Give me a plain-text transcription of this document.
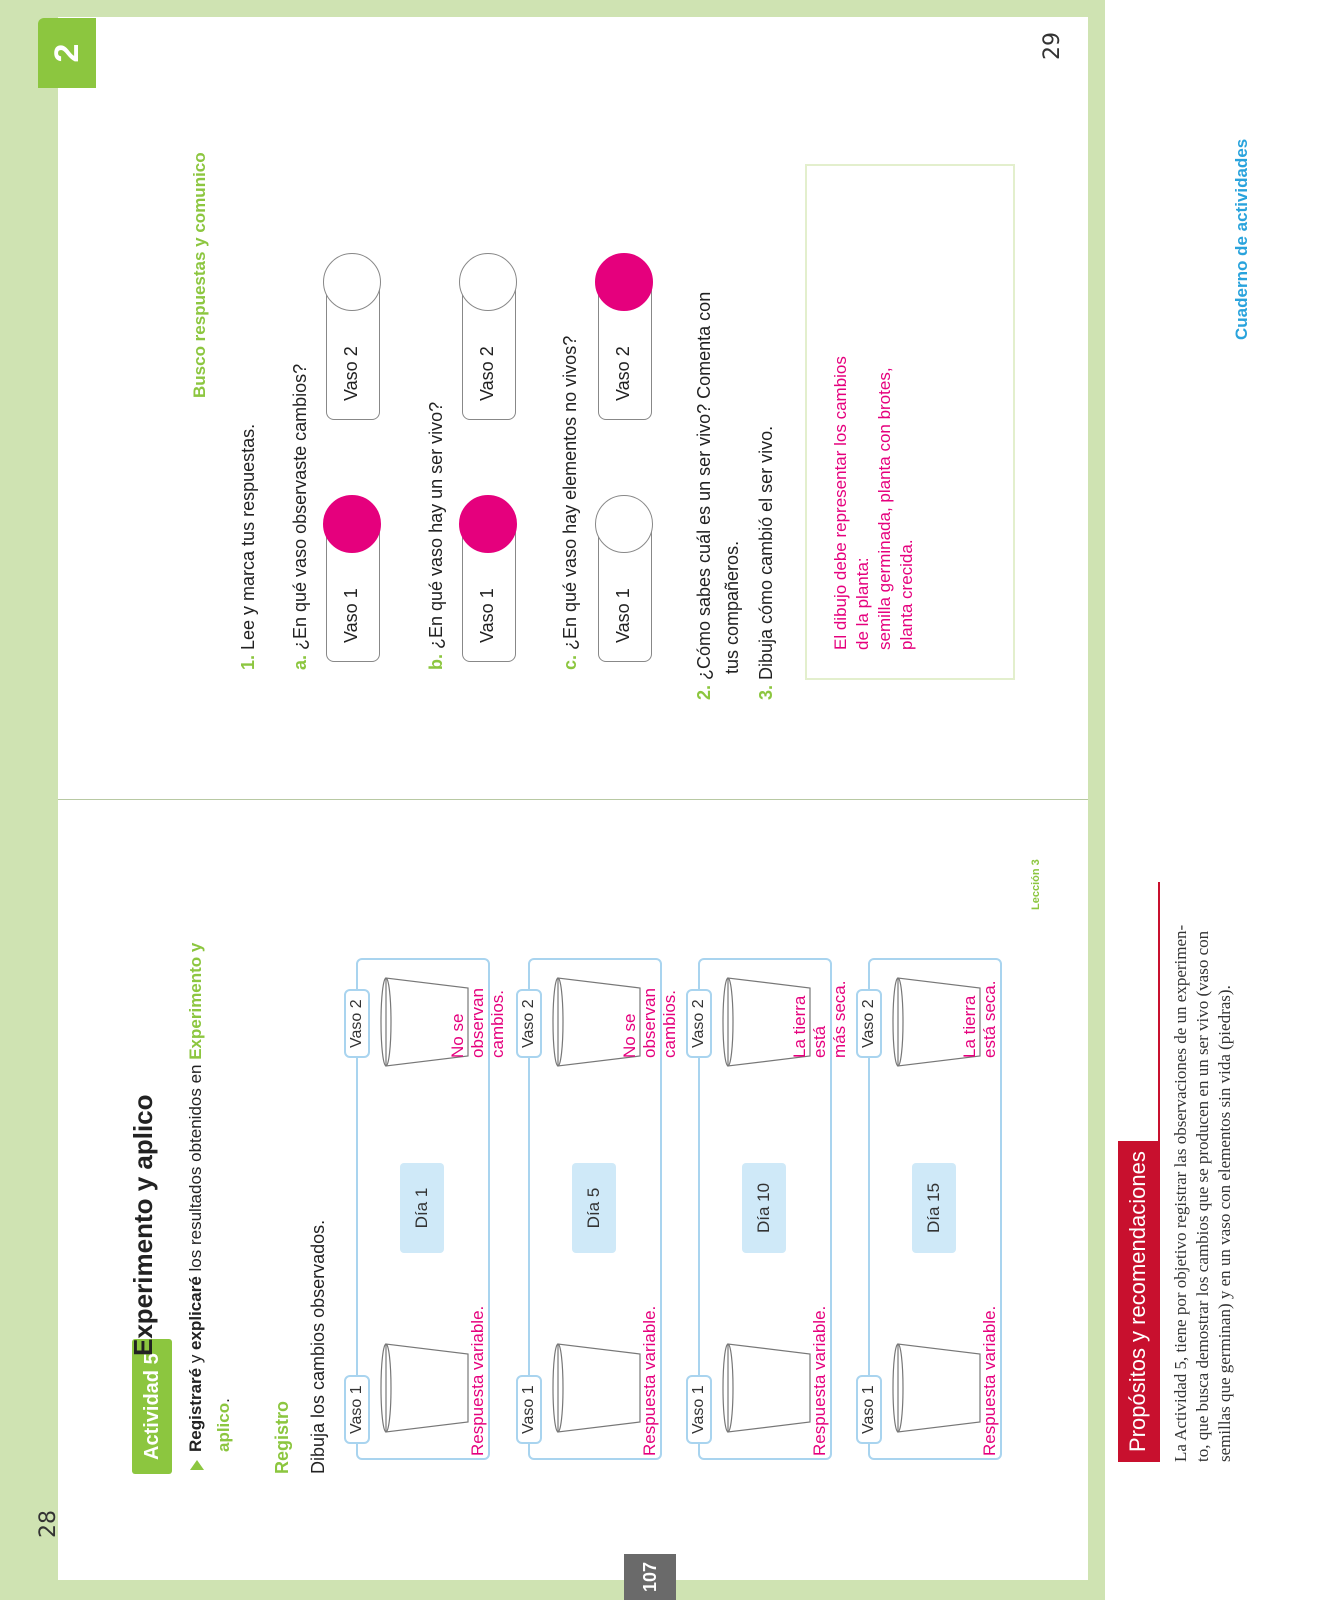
107
28
29
Actividad 5
Experimento y aplico
Registraré y explicaré los resultados obtenidos en Experimento y aplico.
Registro Dibuja los cambios observados. Vaso 1
Vaso 2
Día 1
Respuesta variable.
No se observan cambios.
Vaso 1
Vaso 2
Día 5
Respuesta variable.
No se observan cambios.
Vaso 1
Vaso 2
Día 10
Respuesta variable.
La tierra está más seca.
Vaso 1
Vaso 2
Día 15
Respuesta variable.
La tierra está seca.
Lección 3
2
Busco respuestas y comunico
1. Lee y marca tus respuestas.
a. ¿En qué vaso observaste cambios? Vaso 1
Vaso 2
b. ¿En qué vaso hay un ser vivo? Vaso 1
Vaso 2
c. ¿En qué vaso hay elementos no vivos? Vaso 1
Vaso 2
2. ¿Cómo sabes cuál es un ser vivo? Comenta con tus compañeros.
3. Dibuja cómo cambió el ser vivo.	El dibujo debe representar los cambios de la planta: semilla germinada, planta con brotes, planta crecida.
Propósitos y recomendaciones	La Actividad 5, tiene por objetivo registrar las observaciones de un experimen- to, que busca demostrar los cambios que se producen en un ser vivo (vaso con semillas que germinan) y en un vaso con elementos sin vida (piedras).
Cuaderno de actividades
